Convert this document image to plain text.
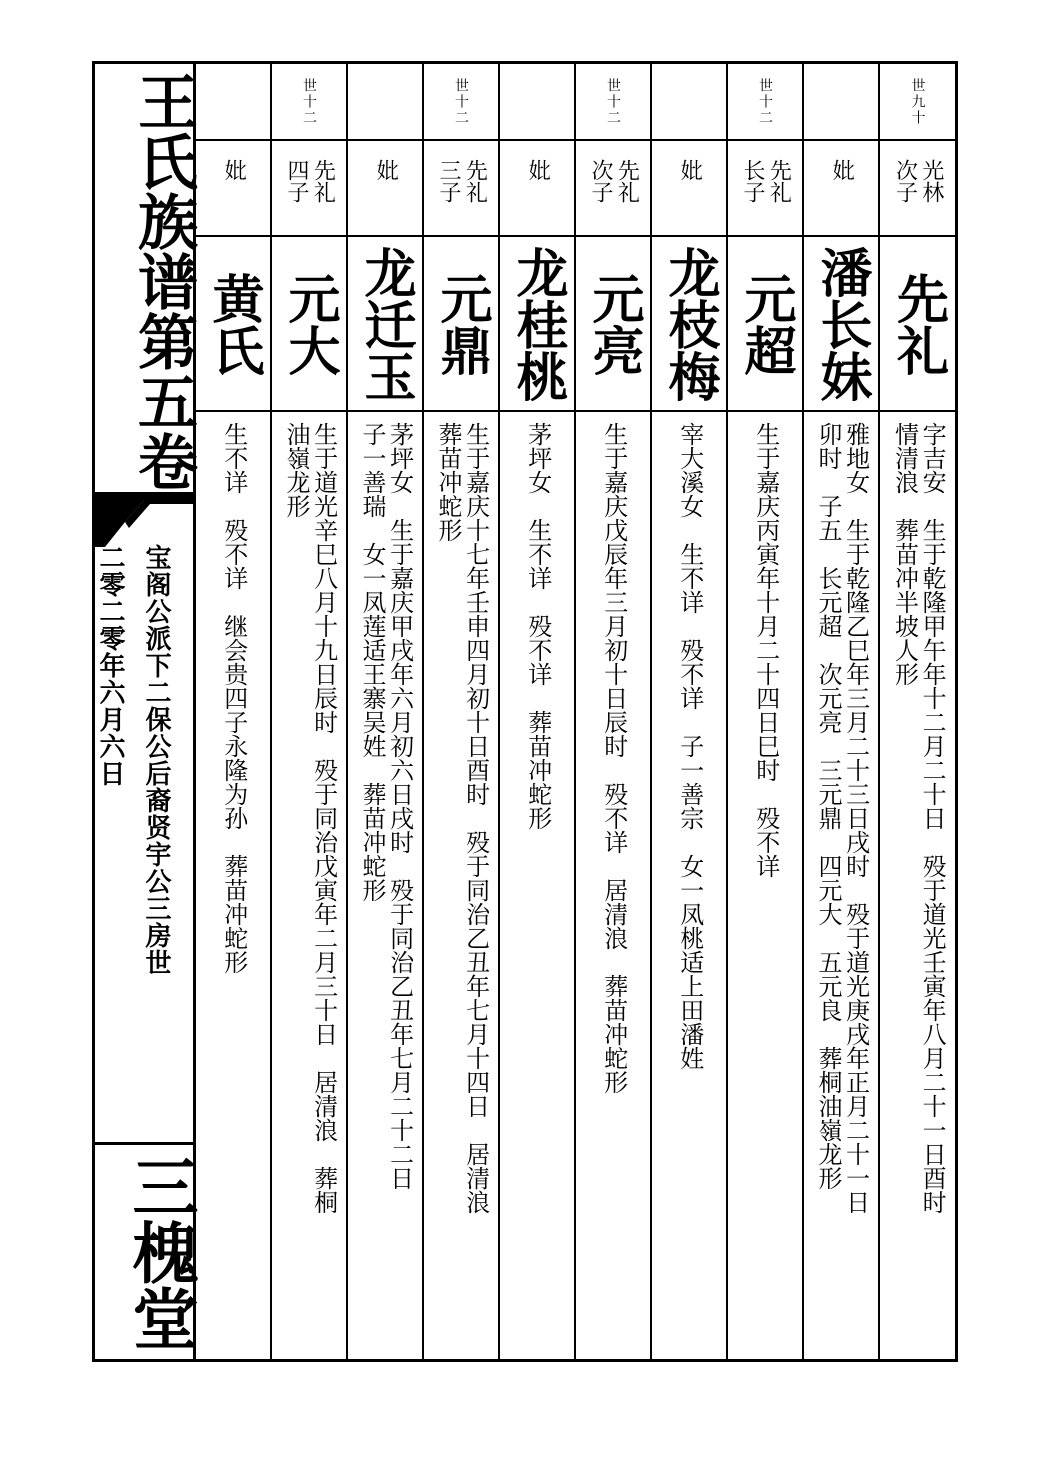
王氏族谱第五卷
宝阁公派下二保公后裔贤宇公三房世
二零二零年六月六日
三槐堂
妣
黄氏
生不详　殁不详　继会贵四子永隆为孙　葬苗冲蛇形
世十二
先礼
四子
元大
生于道光辛巳八月十九日辰时　殁于同治戊寅年二月三十日　居清浪　葬桐
油嶺龙形
妣
龙迁玉
茅坪女　生于嘉庆甲戌年六月初六日戌时　殁于同治乙丑年七月二十二日
子一善瑞　女一凤莲适王寨吴姓　葬苗冲蛇形
世十二
先礼
三子
元鼎
生于嘉庆十七年壬申四月初十日酉时　殁于同治乙丑年七月十四日　居清浪
葬苗冲蛇形
妣
龙桂桃
茅坪女　生不详　殁不详　葬苗冲蛇形
世十二
先礼
次子
元亮
生于嘉庆戊辰年三月初十日辰时　殁不详　居清浪　葬苗冲蛇形
妣
龙枝梅
宰大溪女　生不详　殁不详　子一善宗　女一凤桃适上田潘姓
世十二
先礼
长子
元超
生于嘉庆丙寅年十月二十四日巳时　殁不详
妣
潘长妹
雅地女　生于乾隆乙巳年三月二十三日戌时　殁于道光庚戌年正月二十一日
卯时　子五　长元超　次元亮　三元鼎　四元大　五元良　葬桐油嶺龙形
世九十
光林
次子
先礼
字吉安　生于乾隆甲午年十二月二十日　殁于道光壬寅年八月二十一日酉时
情清浪　葬苗冲半坡人形
